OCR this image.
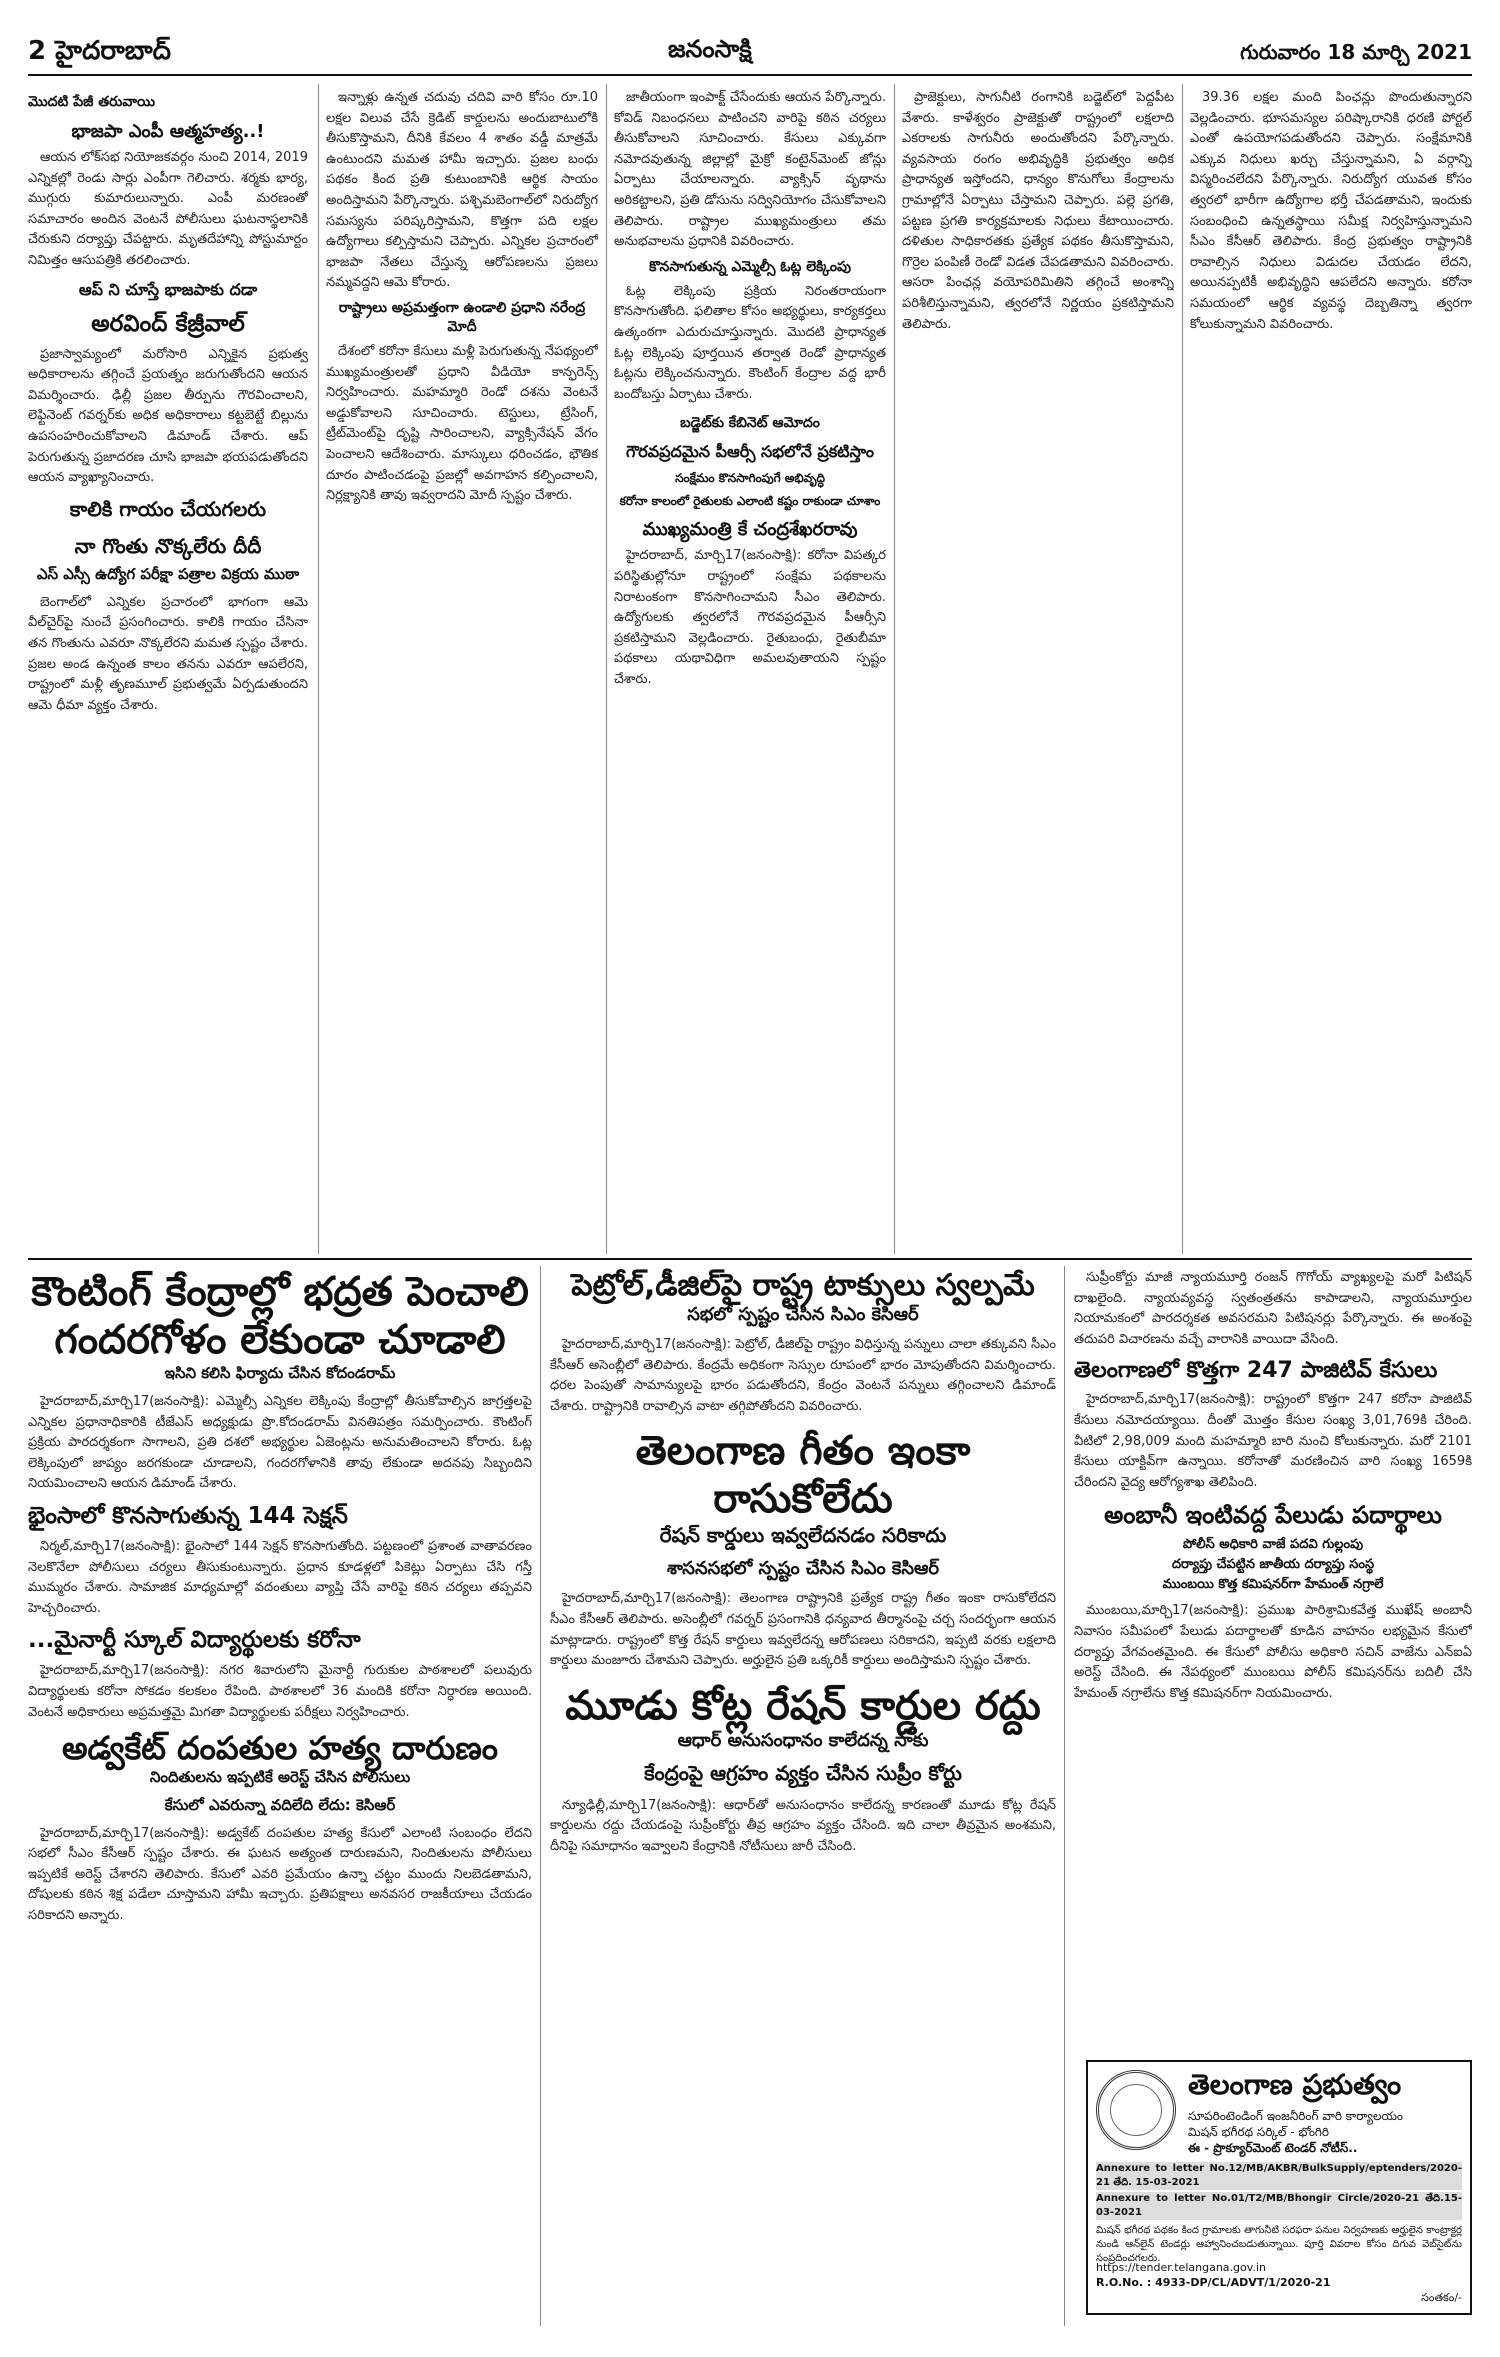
2 హైదరాబాద్	జనంసాక్షి	గురువారం 18 మార్చి 2021
మొదటి పేజీ తరువాయి
భాజపా ఎంపీ ఆత్మహత్య..!

ఆయన లోక్‌సభ నియోజకవర్గం నుంచి 2014, 2019 ఎన్నికల్లో రెండు సార్లు ఎంపీగా గెలిచారు. శర్మకు భార్య, ముగ్గురు కుమారులున్నారు. ఎంపీ మరణంతో సమాచారం అందిన వెంటనే పోలీసులు ఘటనాస్థలానికి చేరుకుని దర్యాప్తు చేపట్టారు. మృతదేహాన్ని పోస్టుమార్టం నిమిత్తం ఆసుపత్రికి తరలించారు.

ఆప్‌ ని చూస్తే భాజపాకు దడా
అరవింద్‌ కేజ్రీవాల్‌

ప్రజాస్వామ్యంలో మరోసారి ఎన్నికైన ప్రభుత్వ అధికారాలను తగ్గించే ప్రయత్నం జరుగుతోందని ఆయన విమర్శించారు. ఢిల్లీ ప్రజల తీర్పును గౌరవించాలని, లెఫ్టినెంట్‌ గవర్నర్‌కు అధిక అధికారాలు కట్టబెట్టే బిల్లును ఉపసంహరించుకోవాలని డిమాండ్‌ చేశారు. ఆప్‌ పెరుగుతున్న ప్రజాదరణ చూసి భాజపా భయపడుతోందని ఆయన వ్యాఖ్యానించారు.

కాలికి గాయం చేయగలరు
నా గొంతు నొక్కలేరు దీదీ
ఎస్‌ ఎస్సీ ఉద్యోగ పరీక్షా పత్రాల విక్రయ ముఠా

బెంగాల్‌లో ఎన్నికల ప్రచారంలో భాగంగా ఆమె వీల్‌చైర్‌పై నుంచే ప్రసంగించారు. కాలికి గాయం చేసినా తన గొంతును ఎవరూ నొక్కలేరని మమత స్పష్టం చేశారు. ప్రజల అండ ఉన్నంత కాలం తనను ఎవరూ ఆపలేరని, రాష్ట్రంలో మళ్లీ తృణమూల్‌ ప్రభుత్వమే ఏర్పడుతుందని ఆమె ధీమా వ్యక్తం చేశారు.

ఇన్నాళ్లు ఉన్నత చదువు చదివి వారి కోసం రూ.10 లక్షల విలువ చేసే క్రెడిట్‌ కార్డులను అందుబాటులోకి తీసుకొస్తామని, దీనికి కేవలం 4 శాతం వడ్డీ మాత్రమే ఉంటుందని మమత హామీ ఇచ్చారు. ప్రజల బంధు పథకం కింద ప్రతి కుటుంబానికి ఆర్థిక సాయం అందిస్తామని పేర్కొన్నారు. పశ్చిమబెంగాల్‌లో నిరుద్యోగ సమస్యను పరిష్కరిస్తామని, కొత్తగా పది లక్షల ఉద్యోగాలు కల్పిస్తామని చెప్పారు. ఎన్నికల ప్రచారంలో భాజపా నేతలు చేస్తున్న ఆరోపణలను ప్రజలు నమ్మవద్దని ఆమె కోరారు.

రాష్ట్రాలు అప్రమత్తంగా ఉండాలి ప్రధాని నరేంద్ర మోదీ

దేశంలో కరోనా కేసులు మళ్లీ పెరుగుతున్న నేపథ్యంలో ముఖ్యమంత్రులతో ప్రధాని వీడియో కాన్ఫరెన్స్‌ నిర్వహించారు. మహమ్మారి రెండో దశను వెంటనే అడ్డుకోవాలని సూచించారు. టెస్టులు, ట్రేసింగ్‌, ట్రీట్‌మెంట్‌పై దృష్టి సారించాలని, వ్యాక్సినేషన్‌ వేగం పెంచాలని ఆదేశించారు. మాస్కులు ధరించడం, భౌతిక దూరం పాటించడంపై ప్రజల్లో అవగాహన కల్పించాలని, నిర్లక్ష్యానికి తావు ఇవ్వరాదని మోదీ స్పష్టం చేశారు.

జాతీయంగా ఇంపాక్ట్‌ చేసేందుకు ఆయన పేర్కొన్నారు. కోవిడ్‌ నిబంధనలు పాటించని వారిపై కఠిన చర్యలు తీసుకోవాలని సూచించారు. కేసులు ఎక్కువగా నమోదవుతున్న జిల్లాల్లో మైక్రో కంటైన్‌మెంట్‌ జోన్లు ఏర్పాటు చేయాలన్నారు. వ్యాక్సిన్‌ వృథాను అరికట్టాలని, ప్రతి డోసును సద్వినియోగం చేసుకోవాలని తెలిపారు. రాష్ట్రాల ముఖ్యమంత్రులు తమ అనుభవాలను ప్రధానికి వివరించారు.

కొనసాగుతున్న ఎమ్మెల్సీ ఓట్ల లెక్కింపు

ఓట్ల లెక్కింపు ప్రక్రియ నిరంతరాయంగా కొనసాగుతోంది. ఫలితాల కోసం అభ్యర్థులు, కార్యకర్తలు ఉత్కంఠగా ఎదురుచూస్తున్నారు. మొదటి ప్రాధాన్యత ఓట్ల లెక్కింపు పూర్తయిన తర్వాత రెండో ప్రాధాన్యత ఓట్లను లెక్కించనున్నారు. కౌంటింగ్‌ కేంద్రాల వద్ద భారీ బందోబస్తు ఏర్పాటు చేశారు.

బడ్జెట్‌కు కేబినెట్‌ ఆమోదం
గౌరవప్రదమైన పీఆర్సీ సభలోనే ప్రకటిస్తాం
సంక్షేమం కొనసాగింపుగే అభివృద్ధి
కరోనా కాలంలో రైతులకు ఎలాంటి కష్టం రాకుండా చూశాం
ముఖ్యమంత్రి కే చంద్రశేఖరరావు

హైదరాబాద్‌, మార్చి17(జనంసాక్షి): కరోనా విపత్కర పరిస్థితుల్లోనూ రాష్ట్రంలో సంక్షేమ పథకాలను నిరాటంకంగా కొనసాగించామని సీఎం తెలిపారు. ఉద్యోగులకు త్వరలోనే గౌరవప్రదమైన పీఆర్సీని ప్రకటిస్తామని వెల్లడించారు. రైతుబంధు, రైతుబీమా పథకాలు యథావిధిగా అమలవుతాయని స్పష్టం చేశారు.

ప్రాజెక్టులు, సాగునీటి రంగానికి బడ్జెట్‌లో పెద్దపీట వేశారు. కాళేశ్వరం ప్రాజెక్టుతో రాష్ట్రంలో లక్షలాది ఎకరాలకు సాగునీరు అందుతోందని పేర్కొన్నారు. వ్యవసాయ రంగం అభివృద్ధికి ప్రభుత్వం అధిక ప్రాధాన్యత ఇస్తోందని, ధాన్యం కొనుగోలు కేంద్రాలను గ్రామాల్లోనే ఏర్పాటు చేస్తామని చెప్పారు. పల్లె ప్రగతి, పట్టణ ప్రగతి కార్యక్రమాలకు నిధులు కేటాయించారు. దళితుల సాధికారతకు ప్రత్యేక పథకం తీసుకొస్తామని, గొర్రెల పంపిణీ రెండో విడత చేపడతామని వివరించారు. ఆసరా పింఛన్ల వయోపరిమితిని తగ్గించే అంశాన్ని పరిశీలిస్తున్నామని, త్వరలోనే నిర్ణయం ప్రకటిస్తామని తెలిపారు.

39.36 లక్షల మంది పింఛన్లు పొందుతున్నారని వెల్లడించారు. భూసమస్యల పరిష్కారానికి ధరణి పోర్టల్‌ ఎంతో ఉపయోగపడుతోందని చెప్పారు. సంక్షేమానికి ఎక్కువ నిధులు ఖర్చు చేస్తున్నామని, ఏ వర్గాన్ని విస్మరించలేదని పేర్కొన్నారు. నిరుద్యోగ యువత కోసం త్వరలో భారీగా ఉద్యోగాల భర్తీ చేపడతామని, ఇందుకు సంబంధించి ఉన్నతస్థాయి సమీక్ష నిర్వహిస్తున్నామని సీఎం కేసీఆర్‌ తెలిపారు. కేంద్ర ప్రభుత్వం రాష్ట్రానికి రావాల్సిన నిధులు విడుదల చేయడం లేదని, అయినప్పటికీ అభివృద్ధిని ఆపలేదని అన్నారు. కరోనా సమయంలో ఆర్థిక వ్యవస్థ దెబ్బతిన్నా త్వరగా కోలుకున్నామని వివరించారు.

కౌంటింగ్‌ కేంద్రాల్లో భద్రత పెంచాలి
గందరగోళం లేకుండా చూడాలి
ఇసిని కలిసి ఫిర్యాదు చేసిన కోదండరామ్‌

హైదరాబాద్‌,మార్చి17(జనంసాక్షి): ఎమ్మెల్సీ ఎన్నికల లెక్కింపు కేంద్రాల్లో తీసుకోవాల్సిన జాగ్రత్తలపై ఎన్నికల ప్రధానాధికారికి టీజేఎస్‌ అధ్యక్షుడు ప్రొ.కోదండరామ్‌ వినతిపత్రం సమర్పించారు. కౌంటింగ్‌ ప్రక్రియ పారదర్శకంగా సాగాలని, ప్రతి దశలో అభ్యర్థుల ఏజెంట్లను అనుమతించాలని కోరారు. ఓట్ల లెక్కింపులో జాప్యం జరగకుండా చూడాలని, గందరగోళానికి తావు లేకుండా అదనపు సిబ్బందిని నియమించాలని ఆయన డిమాండ్‌ చేశారు.

భైంసాలో కొనసాగుతున్న 144 సెక్షన్‌

నిర్మల్‌,మార్చి17(జనంసాక్షి): భైంసాలో 144 సెక్షన్‌ కొనసాగుతోంది. పట్టణంలో ప్రశాంత వాతావరణం నెలకొనేలా పోలీసులు చర్యలు తీసుకుంటున్నారు. ప్రధాన కూడళ్లలో పికెట్లు ఏర్పాటు చేసి గస్తీ ముమ్మరం చేశారు. సామాజిక మాధ్యమాల్లో వదంతులు వ్యాప్తి చేసే వారిపై కఠిన చర్యలు తప్పవని హెచ్చరించారు.

...మైనార్టీ స్కూల్‌ విద్యార్థులకు కరోనా

హైదరాబాద్‌,మార్చి17(జనంసాక్షి): నగర శివారులోని మైనార్టీ గురుకుల పాఠశాలలో పలువురు విద్యార్థులకు కరోనా సోకడం కలకలం రేపింది. పాఠశాలలో 36 మందికి కరోనా నిర్ధారణ అయింది. వెంటనే అధికారులు అప్రమత్తమై మిగతా విద్యార్థులకు పరీక్షలు నిర్వహించారు.

అడ్వకేట్‌ దంపతుల హత్య దారుణం
నిందితులను ఇప్పటికే అరెస్ట్‌ చేసిన పోలీసులు
కేసులో ఎవరున్నా వదిలేది లేదు: కెసిఆర్‌

హైదరాబాద్‌,మార్చి17(జనంసాక్షి): అడ్వకేట్‌ దంపతుల హత్య కేసులో ఎలాంటి సంబంధం లేదని సభలో సీఎం కేసీఆర్‌ స్పష్టం చేశారు. ఈ ఘటన అత్యంత దారుణమని, నిందితులను పోలీసులు ఇప్పటికే అరెస్ట్‌ చేశారని తెలిపారు. కేసులో ఎవరి ప్రమేయం ఉన్నా చట్టం ముందు నిలబెడతామని, దోషులకు కఠిన శిక్ష పడేలా చూస్తామని హామీ ఇచ్చారు. ప్రతిపక్షాలు అనవసర రాజకీయాలు చేయడం సరికాదని అన్నారు.

పెట్రోల్‌,డీజిల్‌పై రాష్ట్ర టాక్సులు స్వల్పమే
సభలో స్పష్టం చేసిన సిఎం కెసిఆర్‌

హైదరాబాద్‌,మార్చి17(జనంసాక్షి): పెట్రోల్‌, డీజిల్‌పై రాష్ట్రం విధిస్తున్న పన్నులు చాలా తక్కువని సీఎం కేసీఆర్‌ అసెంబ్లీలో తెలిపారు. కేంద్రమే అధికంగా సెస్సుల రూపంలో భారం మోపుతోందని విమర్శించారు. ధరల పెంపుతో సామాన్యులపై భారం పడుతోందని, కేంద్రం వెంటనే పన్నులు తగ్గించాలని డిమాండ్‌ చేశారు. రాష్ట్రానికి రావాల్సిన వాటా తగ్గిపోతోందని వివరించారు.

తెలంగాణ గీతం ఇంకా రాసుకోలేదు
రేషన్‌ కార్డులు ఇవ్వలేదనడం సరికాదు
శాసనసభలో స్పష్టం చేసిన సిఎం కెసిఆర్‌

హైదరాబాద్‌,మార్చి17(జనంసాక్షి): తెలంగాణ రాష్ట్రానికి ప్రత్యేక రాష్ట్ర గీతం ఇంకా రాసుకోలేదని సీఎం కేసీఆర్‌ తెలిపారు. అసెంబ్లీలో గవర్నర్‌ ప్రసంగానికి ధన్యవాద తీర్మానంపై చర్చ సందర్భంగా ఆయన మాట్లాడారు. రాష్ట్రంలో కొత్త రేషన్‌ కార్డులు ఇవ్వలేదన్న ఆరోపణలు సరికాదని, ఇప్పటి వరకు లక్షలాది కార్డులు మంజూరు చేశామని చెప్పారు. అర్హులైన ప్రతి ఒక్కరికీ కార్డులు అందిస్తామని స్పష్టం చేశారు.

మూడు కోట్ల రేషన్‌ కార్డుల రద్దు
ఆధార్‌ అనుసంధానం కాలేదన్న సాకు
కేంద్రంపై ఆగ్రహం వ్యక్తం చేసిన సుప్రీం కోర్టు

న్యూఢిల్లీ,మార్చి17(జనంసాక్షి): ఆధార్‌తో అనుసంధానం కాలేదన్న కారణంతో మూడు కోట్ల రేషన్‌ కార్డులను రద్దు చేయడంపై సుప్రీంకోర్టు తీవ్ర ఆగ్రహం వ్యక్తం చేసింది. ఇది చాలా తీవ్రమైన అంశమని, దీనిపై సమాధానం ఇవ్వాలని కేంద్రానికి నోటీసులు జారీ చేసింది.

సుప్రీంకోర్టు మాజీ న్యాయమూర్తి రంజన్‌ గొగోయ్‌ వ్యాఖ్యలపై మరో పిటిషన్‌ దాఖలైంది. న్యాయవ్యవస్థ స్వతంత్రతను కాపాడాలని, న్యాయమూర్తుల నియామకంలో పారదర్శకత అవసరమని పిటిషనర్లు పేర్కొన్నారు. ఈ అంశంపై తదుపరి విచారణను వచ్చే వారానికి వాయిదా వేసింది.

తెలంగాణలో కొత్తగా 247 పాజిటివ్‌ కేసులు

హైదరాబాద్‌,మార్చి17(జనంసాక్షి): రాష్ట్రంలో కొత్తగా 247 కరోనా పాజిటివ్‌ కేసులు నమోదయ్యాయి. దీంతో మొత్తం కేసుల సంఖ్య 3,01,769కి చేరింది. వీటిలో 2,98,009 మంది మహమ్మారి బారి నుంచి కోలుకున్నారు. మరో 2101 కేసులు యాక్టివ్‌గా ఉన్నాయి. కరోనాతో మరణించిన వారి సంఖ్య 1659కి చేరిందని వైద్య ఆరోగ్యశాఖ తెలిపింది.

అంబానీ ఇంటివద్ద పేలుడు పదార్థాలు
పోలీస్‌ అధికారి వాజే పదవి గుల్లంపు
దర్యాప్తు చేపట్టిన జాతీయ దర్యాప్తు సంస్థ
ముంబయి కొత్త కమిషనర్‌గా హేమంత్‌ నగ్రాలే

ముంబయి,మార్చి17(జనంసాక్షి): ప్రముఖ పారిశ్రామికవేత్త ముఖేష్‌ అంబానీ నివాసం సమీపంలో పేలుడు పదార్థాలతో కూడిన వాహనం లభ్యమైన కేసులో దర్యాప్తు వేగవంతమైంది. ఈ కేసులో పోలీసు అధికారి సచిన్‌ వాజేను ఎన్‌ఐఏ అరెస్ట్‌ చేసింది. ఈ నేపథ్యంలో ముంబయి పోలీస్‌ కమిషనర్‌ను బదిలీ చేసి హేమంత్‌ నగ్రాలేను కొత్త కమిషనర్‌గా నియమించారు.

తెలంగాణ ప్రభుత్వం
సూపరింటెండింగ్‌ ఇంజనీరింగ్‌ వారి కార్యాలయం
మిషన్‌ భగీరథ సర్కిల్‌ - భోంగిరి
ఈ - ప్రొక్యూర్‌మెంట్‌ టెండర్‌ నోటీస్‌..
Annexure to letter No.12/MB/AKBR/BulkSupply/eptenders/2020-21 తేది. 15-03-2021
Annexure to letter No.01/T2/MB/Bhongir Circle/2020-21 తేది.15-03-2021
మిషన్‌ భగీరథ పథకం కింద గ్రామాలకు తాగునీటి సరఫరా పనుల నిర్వహణకు అర్హులైన కాంట్రాక్టర్ల నుండి ఆన్‌లైన్‌ టెండర్లు ఆహ్వానించబడుతున్నాయి. పూర్తి వివరాల కోసం దిగువ వెబ్‌సైట్‌ను సంప్రదించగలరు.
https://tender.telangana.gov.in
R.O.No. : 4933-DP/CL/ADVT/1/2020-21
సంతకం/-
